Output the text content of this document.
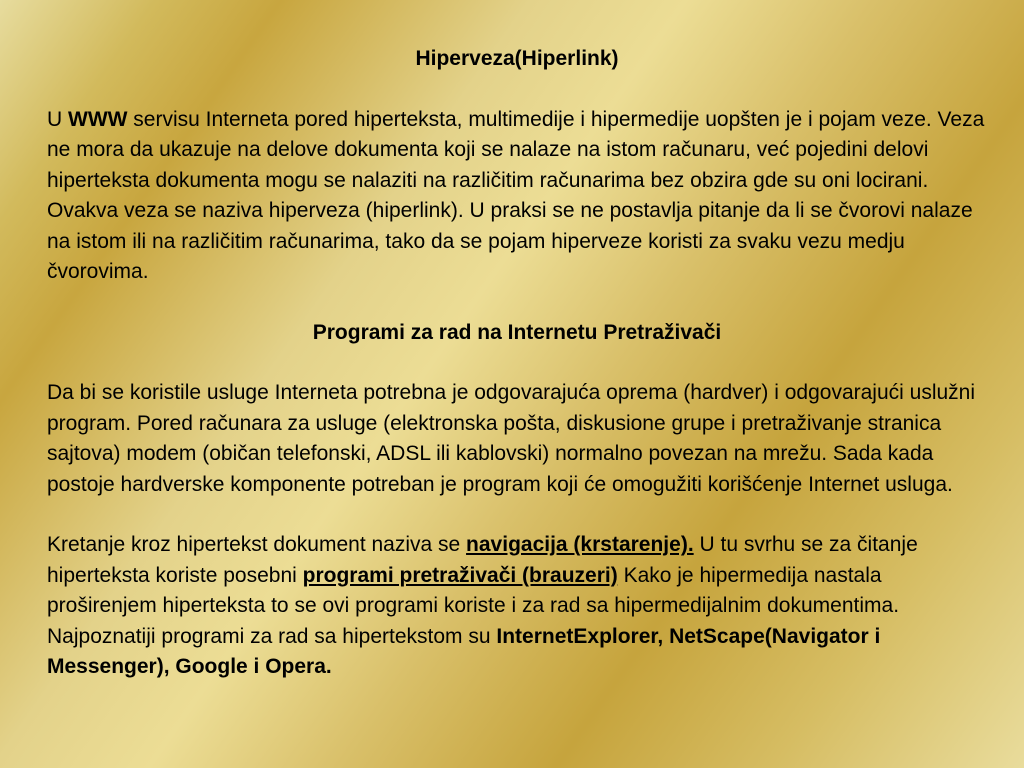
Hiperveza(Hiperlink)

U WWW servisu Interneta pored hiperteksta, multimedije i hipermedije uopšten je i pojam veze. Veza ne mora da ukazuje na delove dokumenta koji se nalaze na istom računaru, već pojedini delovi hiperteksta dokumenta mogu se nalaziti na različitim računarima bez obzira gde su oni locirani. Ovakva veza se naziva hiperveza (hiperlink). U praksi se ne postavlja pitanje da li se čvorovi nalaze na istom ili na različitim računarima, tako da se pojam hiperveze koristi za svaku vezu medju čvorovima.

Programi za rad na Internetu Pretraživači

Da bi se koristile usluge Interneta potrebna je odgovarajuća oprema (hardver) i odgovarajući uslužni program. Pored računara za usluge (elektronska pošta, diskusione grupe i pretraživanje stranica sajtova) modem (običan telefonski, ADSL ili kablovski) normalno povezan na mrežu. Sada kada postoje hardverske komponente potreban je program koji će omogužiti korišćenje Internet usluga.

Kretanje kroz hipertekst dokument naziva se navigacija (krstarenje). U tu svrhu se za čitanje hiperteksta koriste posebni programi pretraživači (brauzeri) Kako je hipermedija nastala proširenjem hiperteksta to se ovi programi koriste i za rad sa hipermedijalnim dokumentima. Najpoznatiji programi za rad sa hipertekstom su InternetExplorer, NetScape(Navigator i Messenger), Google i Opera.
